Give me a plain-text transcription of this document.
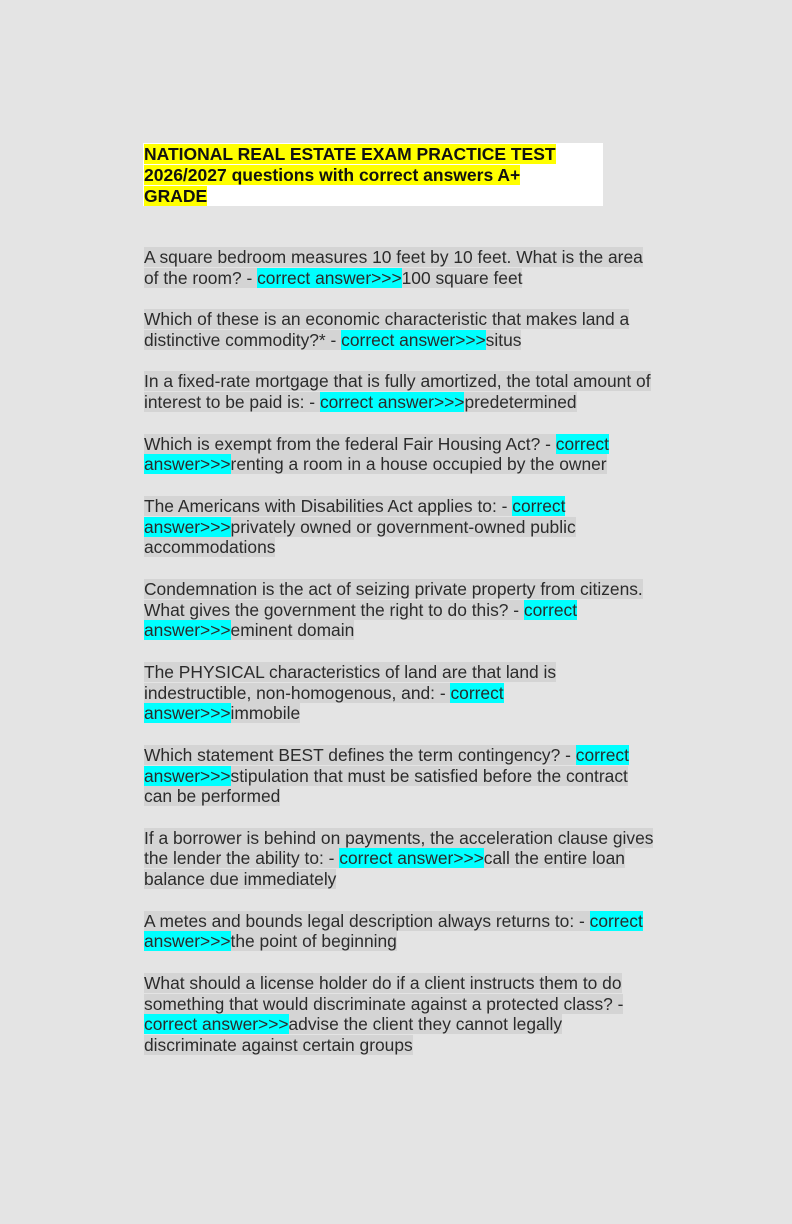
NATIONAL REAL ESTATE EXAM PRACTICE TEST 2026/2027 questions with correct answers A+ GRADE

A square bedroom measures 10 feet by 10 feet. What is the area of the room? - correct answer>>>100 square feet

Which of these is an economic characteristic that makes land a distinctive commodity?* - correct answer>>>situs

In a fixed-rate mortgage that is fully amortized, the total amount of interest to be paid is: - correct answer>>>predetermined

Which is exempt from the federal Fair Housing Act? - correct answer>>>renting a room in a house occupied by the owner

The Americans with Disabilities Act applies to: - correct answer>>>privately owned or government-owned public accommodations

Condemnation is the act of seizing private property from citizens. What gives the government the right to do this? - correct answer>>>eminent domain

The PHYSICAL characteristics of land are that land is indestructible, non-homogenous, and: - correct answer>>>immobile

Which statement BEST defines the term contingency? - correct answer>>>stipulation that must be satisfied before the contract can be performed

If a borrower is behind on payments, the acceleration clause gives the lender the ability to: - correct answer>>>call the entire loan balance due immediately

A metes and bounds legal description always returns to: - correct answer>>>the point of beginning

What should a license holder do if a client instructs them to do something that would discriminate against a protected class? - correct answer>>>advise the client they cannot legally discriminate against certain groups
